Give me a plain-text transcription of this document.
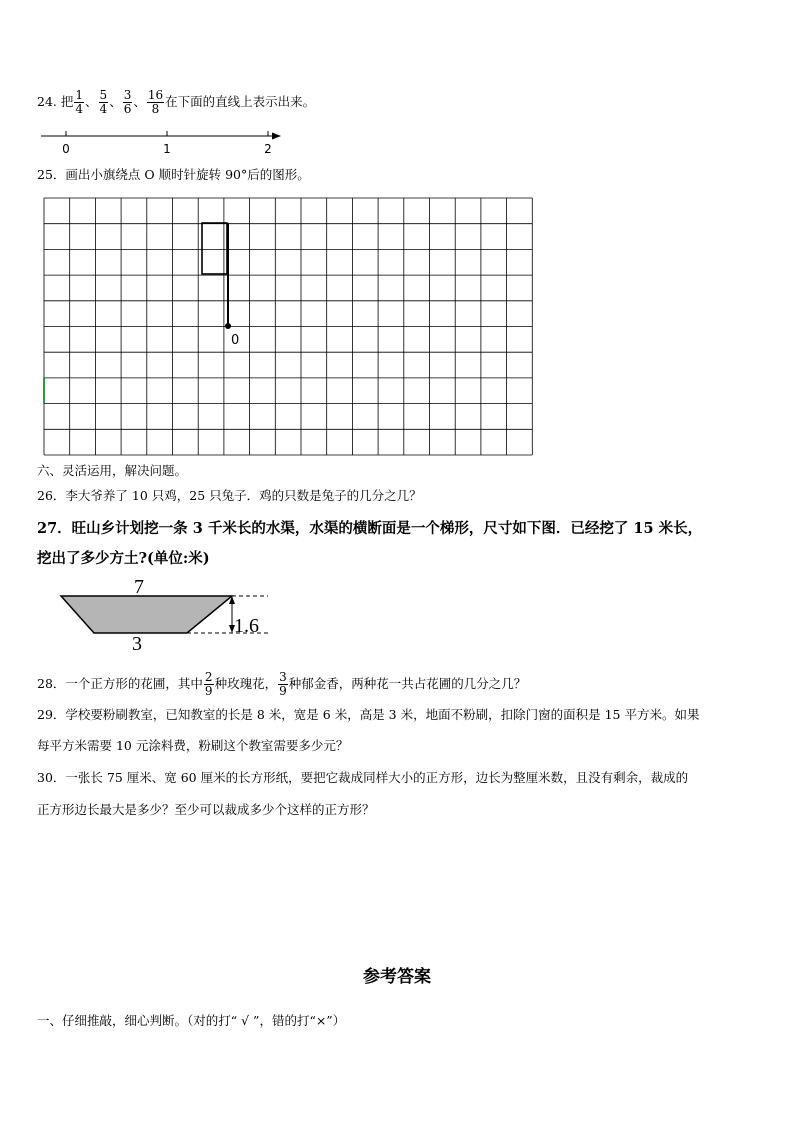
24. 把 $\frac{1}{4}$ 、 $\frac{5}{4}$ 、 $\frac{3}{6}$ 、 $\frac{16}{8}$ 在下面的直线上表示出来。
0	1	2
25．画出小旗绕点 O 顺时针旋转 90°后的图形。
0
六、灵活运用，解决问题。
26．李大爷养了 10 只鸡，25 只兔子．鸡的只数是兔子的几分之几？
27．旺山乡计划挖一条 3 千米长的水渠，水渠的横断面是一个梯形，尺寸如下图．已经挖了 15 米长，
挖出了多少方土?(单位:米)
7
3
1.6
28．一个正方形的花圃，其中 $\frac{2}{9}$ 种玫瑰花， $\frac{3}{9}$ 种郁金香，两种花一共占花圃的几分之几？
29．学校要粉刷教室，已知教室的长是 8 米，宽是 6 米，高是 3 米，地面不粉刷，扣除门窗的面积是 15 平方米。如果
每平方米需要 10 元涂料费，粉刷这个教室需要多少元？
30．一张长 75 厘米、宽 60 厘米的长方形纸，要把它裁成同样大小的正方形，边长为整厘米数，且没有剩余，裁成的
正方形边长最大是多少？至少可以裁成多少个这样的正方形？
参考答案
一、仔细推敲，细心判断。（对的打“ √ ”，错的打“×”）
